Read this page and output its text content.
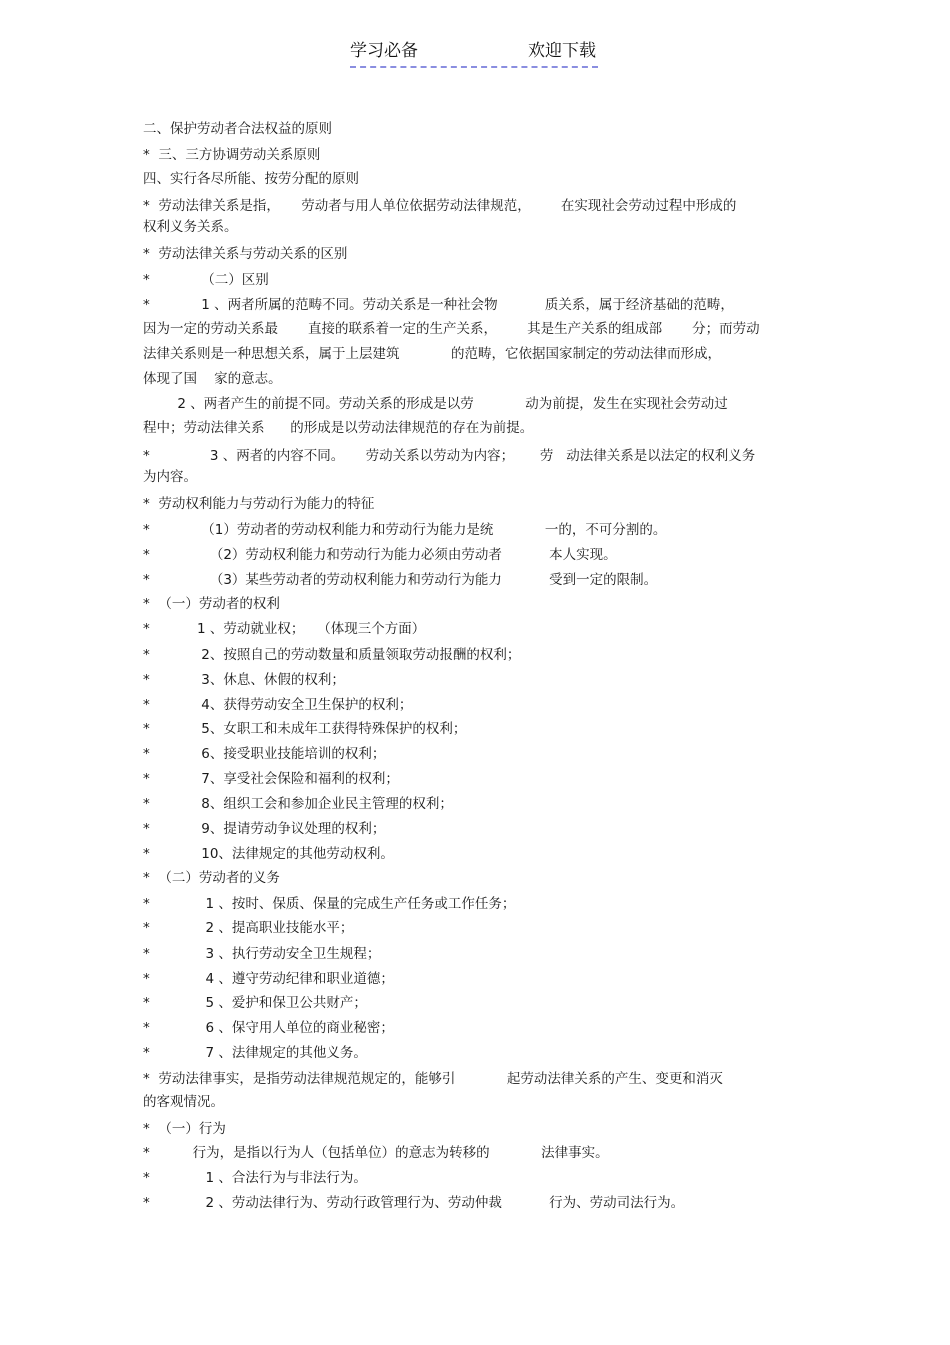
学习必备	欢迎下载
二、保护劳动者合法权益的原则
*  三、三方协调劳动关系原则
四、实行各尽所能、按劳分配的原则
*  劳动法律关系是指，     劳动者与用人单位依据劳动法律规范，       在实现社会劳动过程中形成的
权利义务关系。
*  劳动法律关系与劳动关系的区别
*            （二）区别
*            1 、两者所属的范畴不同。劳动关系是一种社会物           质关系，属于经济基础的范畴，
因为一定的劳动关系最       直接的联系着一定的生产关系，       其是生产关系的组成部       分；而劳动
法律关系则是一种思想关系，属于上层建筑            的范畴，它依据国家制定的劳动法律而形成，
体现了国    家的意志。
2 、两者产生的前提不同。劳动关系的形成是以劳            动为前提，发生在实现社会劳动过
程中；劳动法律关系      的形成是以劳动法律规范的存在为前提。
*              3 、两者的内容不同。     劳动关系以劳动为内容；      劳   动法律关系是以法定的权利义务
为内容。
*  劳动权利能力与劳动行为能力的特征
*            （1）劳动者的劳动权利能力和劳动行为能力是统            一的，不可分割的。
*              （2）劳动权利能力和劳动行为能力必须由劳动者           本人实现。
*              （3）某些劳动者的劳动权利能力和劳动行为能力           受到一定的限制。
*  （一）劳动者的权利
*           1 、劳动就业权；   （体现三个方面）
*            2、按照自己的劳动数量和质量领取劳动报酬的权利；
*            3、休息、休假的权利；
*            4、获得劳动安全卫生保护的权利；
*            5、女职工和未成年工获得特殊保护的权利；
*            6、接受职业技能培训的权利；
*            7、享受社会保险和福利的权利；
*            8、组织工会和参加企业民主管理的权利；
*            9、提请劳动争议处理的权利；
*            10、法律规定的其他劳动权利。
*  （二）劳动者的义务
*             1 、按时、保质、保量的完成生产任务或工作任务；
*             2 、提高职业技能水平；
*             3 、执行劳动安全卫生规程；
*             4 、遵守劳动纪律和职业道德；
*             5 、爱护和保卫公共财产；
*             6 、保守用人单位的商业秘密；
*             7 、法律规定的其他义务。
*  劳动法律事实，是指劳动法律规范规定的，能够引            起劳动法律关系的产生、变更和消灭
的客观情况。
*  （一）行为
*          行为，是指以行为人（包括单位）的意志为转移的            法律事实。
*             1 、合法行为与非法行为。
*             2 、劳动法律行为、劳动行政管理行为、劳动仲裁           行为、劳动司法行为。
